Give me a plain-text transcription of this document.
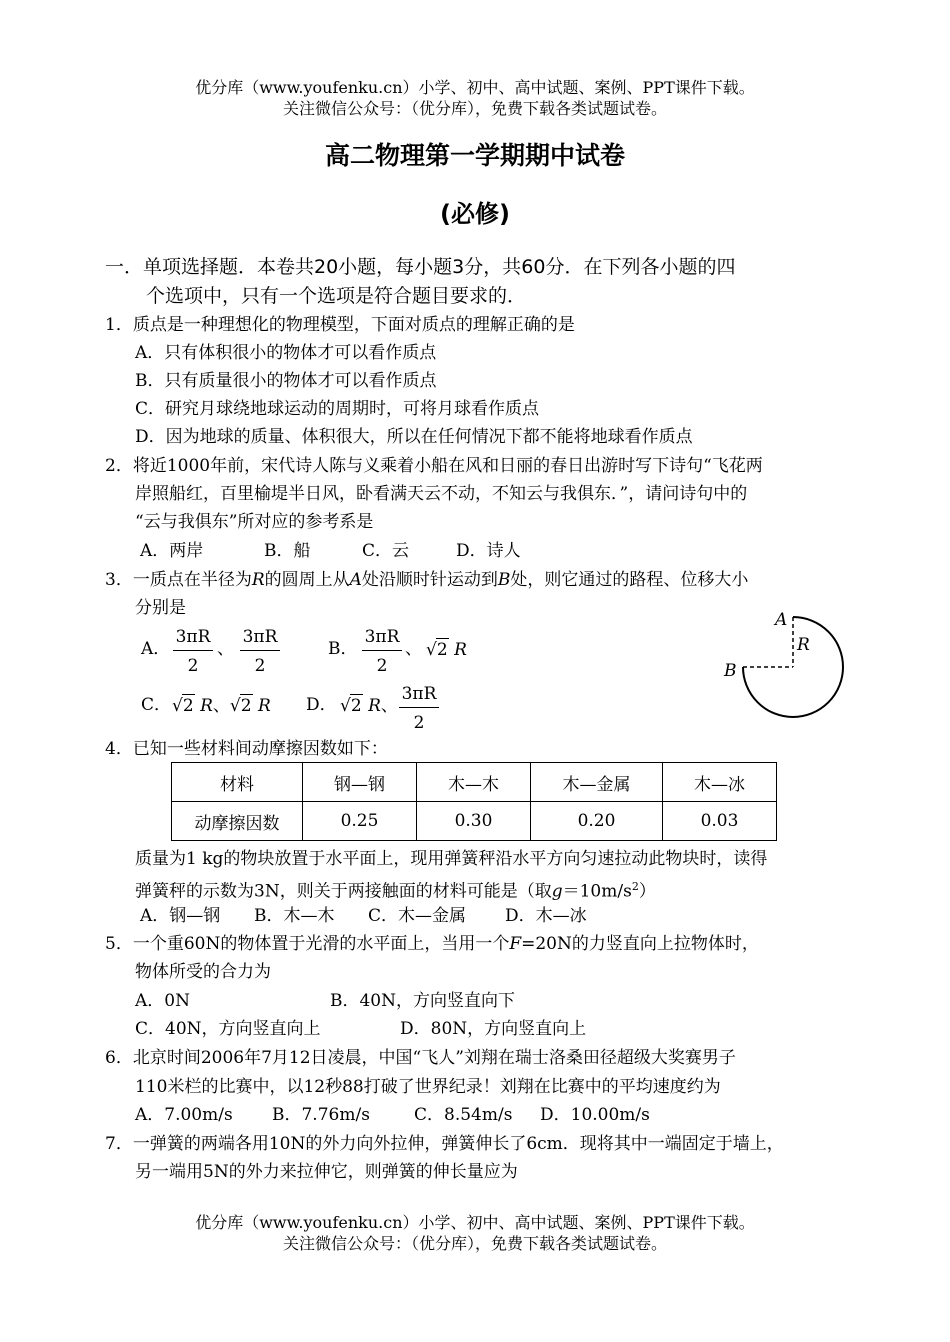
优分库（www.youfenku.cn）小学、初中、高中试题、案例、PPT课件下载。
关注微信公众号：（优分库），免费下载各类试题试卷。
高二物理第一学期期中试卷
(必修)
一．单项选择题．本卷共20小题，每小题3分，共60分．在下列各小题的四
个选项中，只有一个选项是符合题目要求的．
1．质点是一种理想化的物理模型，下面对质点的理解正确的是
A．只有体积很小的物体才可以看作质点
B．只有质量很小的物体才可以看作质点
C．研究月球绕地球运动的周期时，可将月球看作质点
D．因为地球的质量、体积很大，所以在任何情况下都不能将地球看作质点
2．将近1000年前，宋代诗人陈与义乘着小船在风和日丽的春日出游时写下诗句“飞花两
岸照船红，百里榆堤半日风，卧看满天云不动，不知云与我俱东．”，请问诗句中的
“云与我俱东”所对应的参考系是
A．两岸	B．船	C．云	D．诗人
3．一质点在半径为R的圆周上从A处沿顺时针运动到B处，则它通过的路程、位移大小
分别是
A． $\frac{3\pi R}{2}$ 、 $\frac{3\pi R}{2}$	B． $\frac{3\pi R}{2}$ 、 √2 R
C． √2 R、√2 R D． √2 R、 $\frac{3\pi R}{2}$
A
B
R
4．已知一些材料间动摩擦因数如下：
材料	钢—钢	木—木	木—金属	木—冰
动摩擦因数	0.25	0.30	0.20	0.03
质量为1 kg的物块放置于水平面上，现用弹簧秤沿水平方向匀速拉动此物块时，读得
弹簧秤的示数为3N，则关于两接触面的材料可能是（取$g=10m/s^2$）
A．钢—钢 B．木—木 C．木—金属 D．木—冰
5．一个重60N的物体置于光滑的水平面上，当用一个F=20N的力竖直向上拉物体时，
物体所受的合力为
A．0N	B．40N，方向竖直向下
C．40N，方向竖直向上	D．80N，方向竖直向上
6．北京时间2006年7月12日凌晨，中国“飞人”刘翔在瑞士洛桑田径超级大奖赛男子
110米栏的比赛中，以12秒88打破了世界纪录！刘翔在比赛中的平均速度约为
A．7.00m/s B．7.76m/s	C．8.54m/s D．10.00m/s
7．一弹簧的两端各用10N的外力向外拉伸，弹簧伸长了6cm．现将其中一端固定于墙上，
另一端用5N的外力来拉伸它，则弹簧的伸长量应为
优分库（www.youfenku.cn）小学、初中、高中试题、案例、PPT课件下载。
关注微信公众号：（优分库），免费下载各类试题试卷。
